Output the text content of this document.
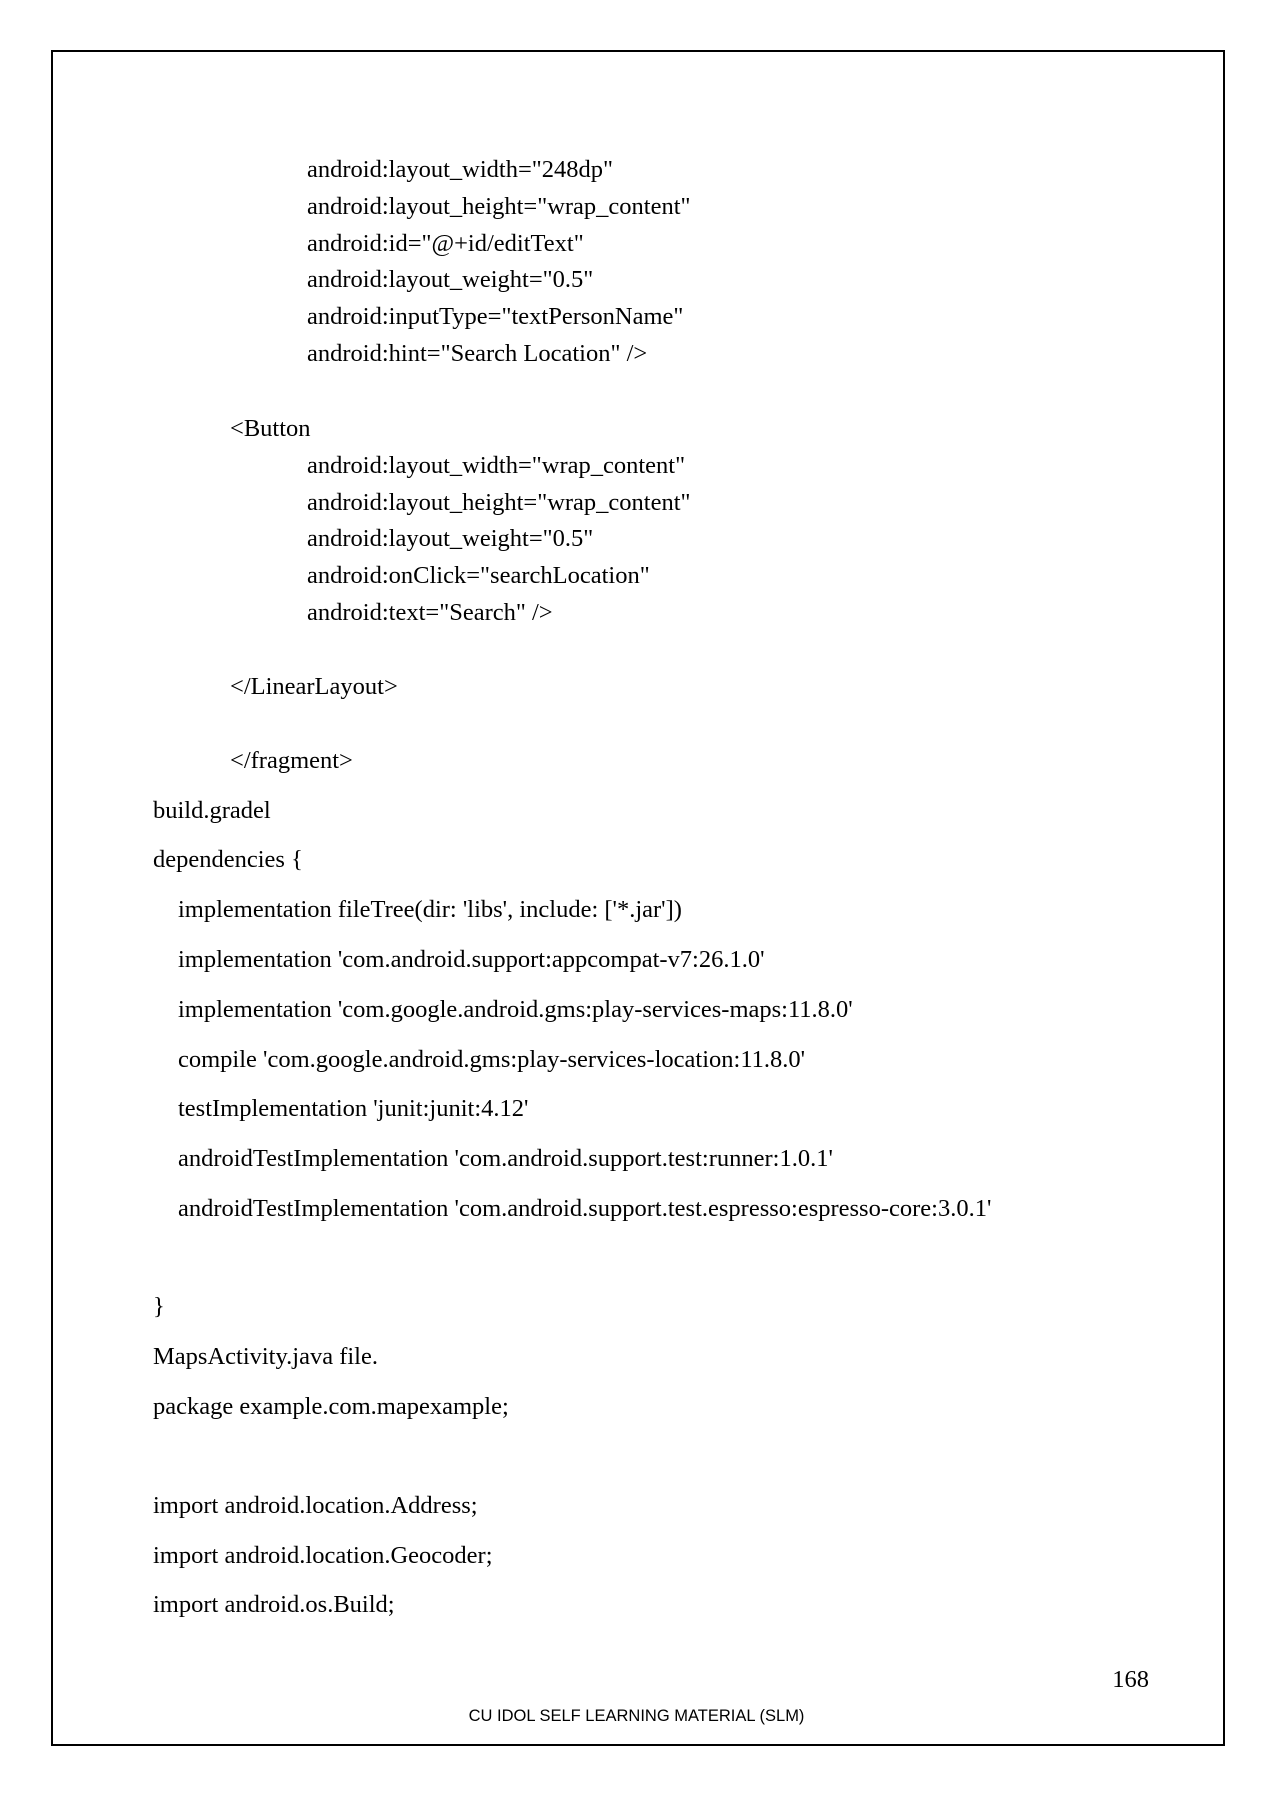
android:layout_width="248dp"

android:layout_height="wrap_content"

android:id="@+id/editText"

android:layout_weight="0.5"

android:inputType="textPersonName"

android:hint="Search Location" />

<Button

android:layout_width="wrap_content"

android:layout_height="wrap_content"

android:layout_weight="0.5"

android:onClick="searchLocation"

android:text="Search" />

</LinearLayout>

</fragment>

build.gradel

dependencies {

implementation fileTree(dir: 'libs', include: ['*.jar'])

implementation 'com.android.support:appcompat-v7:26.1.0'

implementation 'com.google.android.gms:play-services-maps:11.8.0'

compile 'com.google.android.gms:play-services-location:11.8.0'

testImplementation 'junit:junit:4.12'

androidTestImplementation 'com.android.support.test:runner:1.0.1'

androidTestImplementation 'com.android.support.test.espresso:espresso-core:3.0.1'

}

MapsActivity.java file.

package example.com.mapexample;

import android.location.Address;

import android.location.Geocoder;

import android.os.Build;

168
CU IDOL SELF LEARNING MATERIAL (SLM)
